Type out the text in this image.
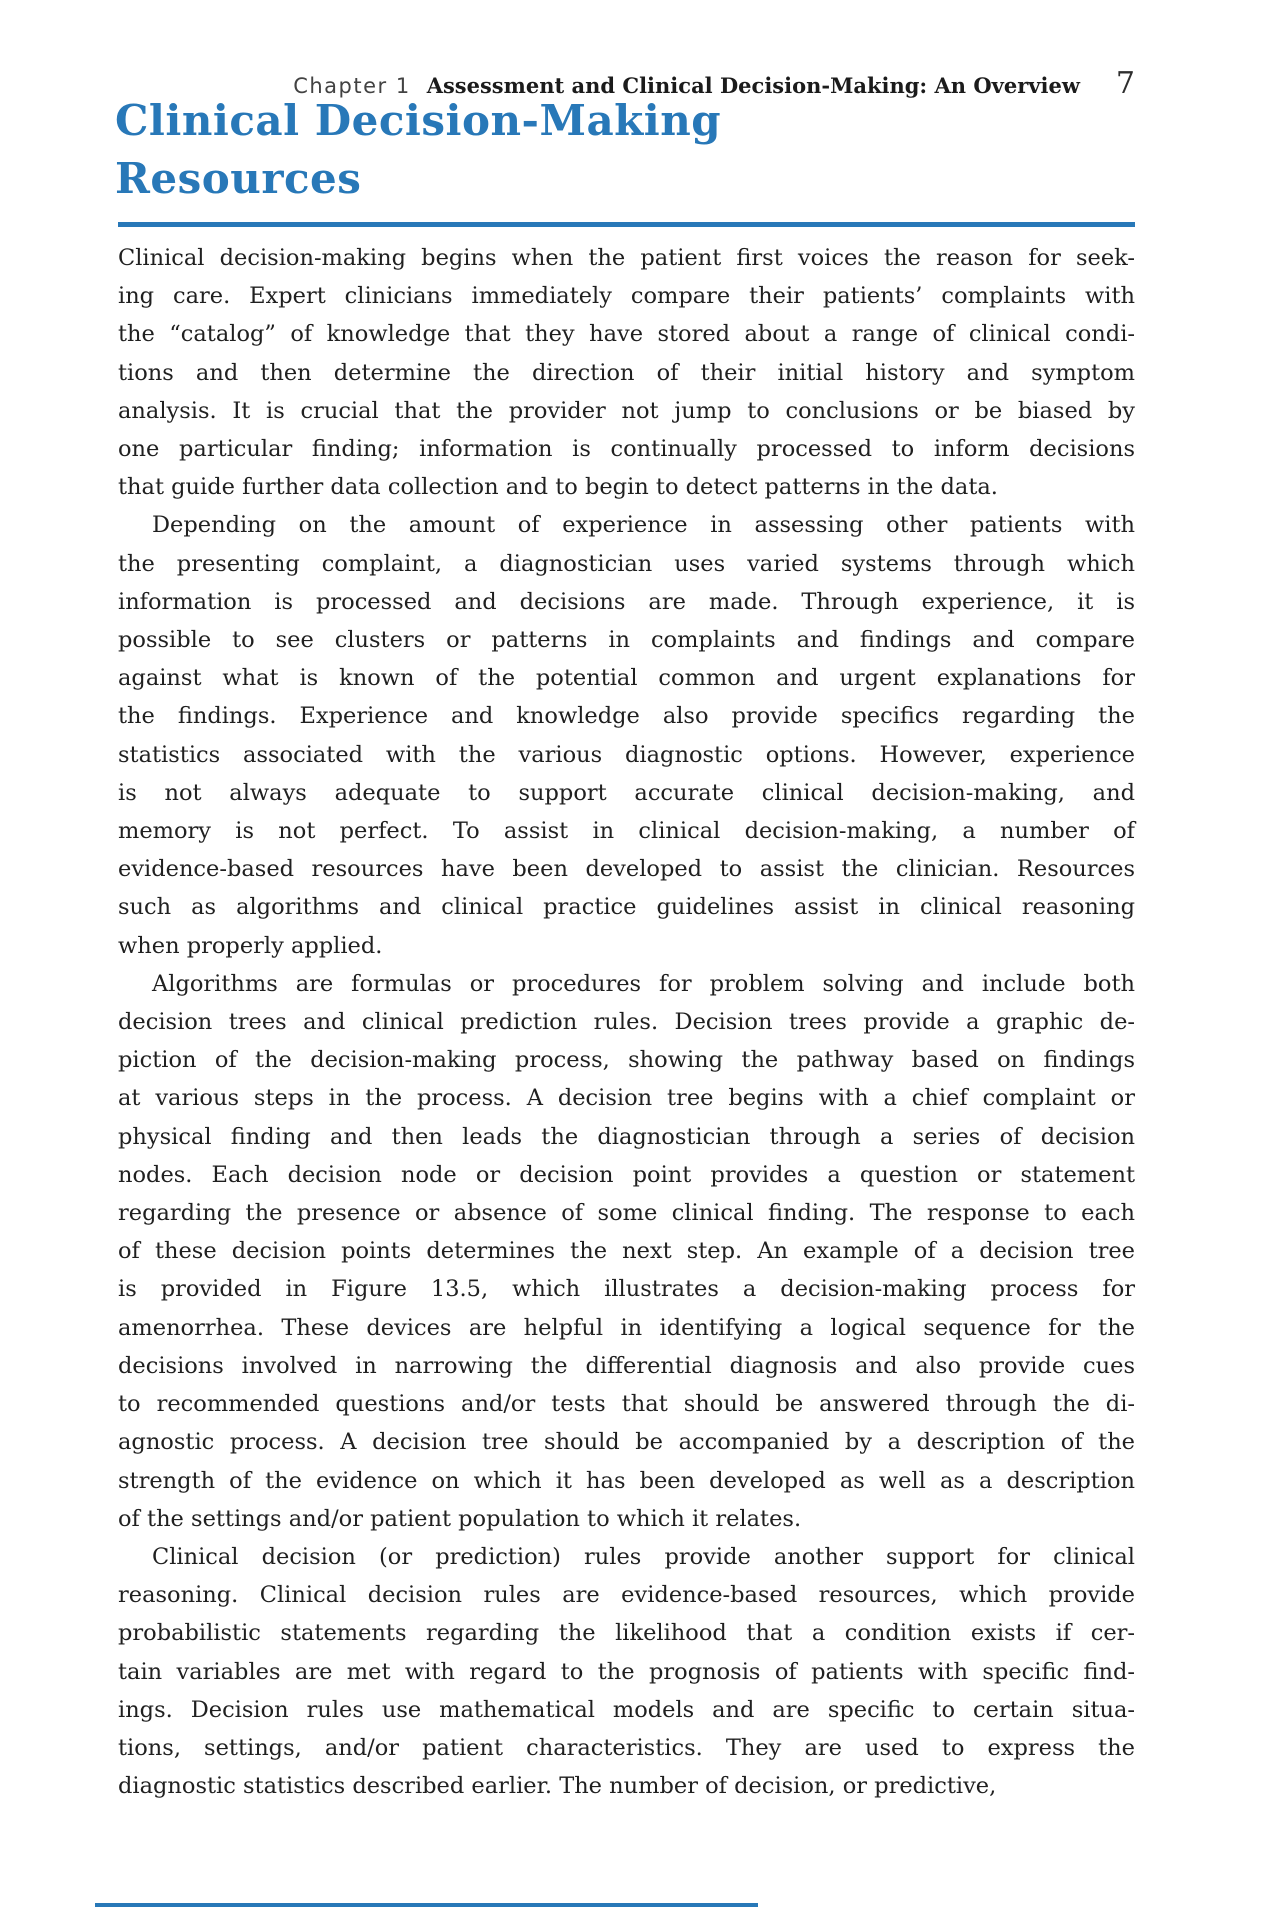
Chapter 1 Assessment and Clinical Decision-Making: An Overview 7
Clinical Decision-Making
Resources
Clinical decision-making begins when the patient first voices the reason for seek-
ing care. Expert clinicians immediately compare their patients’ complaints with
the “catalog” of knowledge that they have stored about a range of clinical condi-
tions and then determine the direction of their initial history and symptom
analysis. It is crucial that the provider not jump to conclusions or be biased by
one particular finding; information is continually processed to inform decisions
that guide further data collection and to begin to detect patterns in the data.
Depending on the amount of experience in assessing other patients with
the presenting complaint, a diagnostician uses varied systems through which
information is processed and decisions are made. Through experience, it is
possible to see clusters or patterns in complaints and findings and compare
against what is known of the potential common and urgent explanations for
the findings. Experience and knowledge also provide specifics regarding the
statistics associated with the various diagnostic options. However, experience
is not always adequate to support accurate clinical decision-making, and
memory is not perfect. To assist in clinical decision-making, a number of
evidence-based resources have been developed to assist the clinician. Resources
such as algorithms and clinical practice guidelines assist in clinical reasoning
when properly applied.
Algorithms are formulas or procedures for problem solving and include both
decision trees and clinical prediction rules. Decision trees provide a graphic de-
piction of the decision-making process, showing the pathway based on findings
at various steps in the process. A decision tree begins with a chief complaint or
physical finding and then leads the diagnostician through a series of decision
nodes. Each decision node or decision point provides a question or statement
regarding the presence or absence of some clinical finding. The response to each
of these decision points determines the next step. An example of a decision tree
is provided in Figure 13.5, which illustrates a decision-making process for
amenorrhea. These devices are helpful in identifying a logical sequence for the
decisions involved in narrowing the differential diagnosis and also provide cues
to recommended questions and/or tests that should be answered through the di-
agnostic process. A decision tree should be accompanied by a description of the
strength of the evidence on which it has been developed as well as a description
of the settings and/or patient population to which it relates.
Clinical decision (or prediction) rules provide another support for clinical
reasoning. Clinical decision rules are evidence-based resources, which provide
probabilistic statements regarding the likelihood that a condition exists if cer-
tain variables are met with regard to the prognosis of patients with specific find-
ings. Decision rules use mathematical models and are specific to certain situa-
tions, settings, and/or patient characteristics. They are used to express the
diagnostic statistics described earlier. The number of decision, or predictive,
